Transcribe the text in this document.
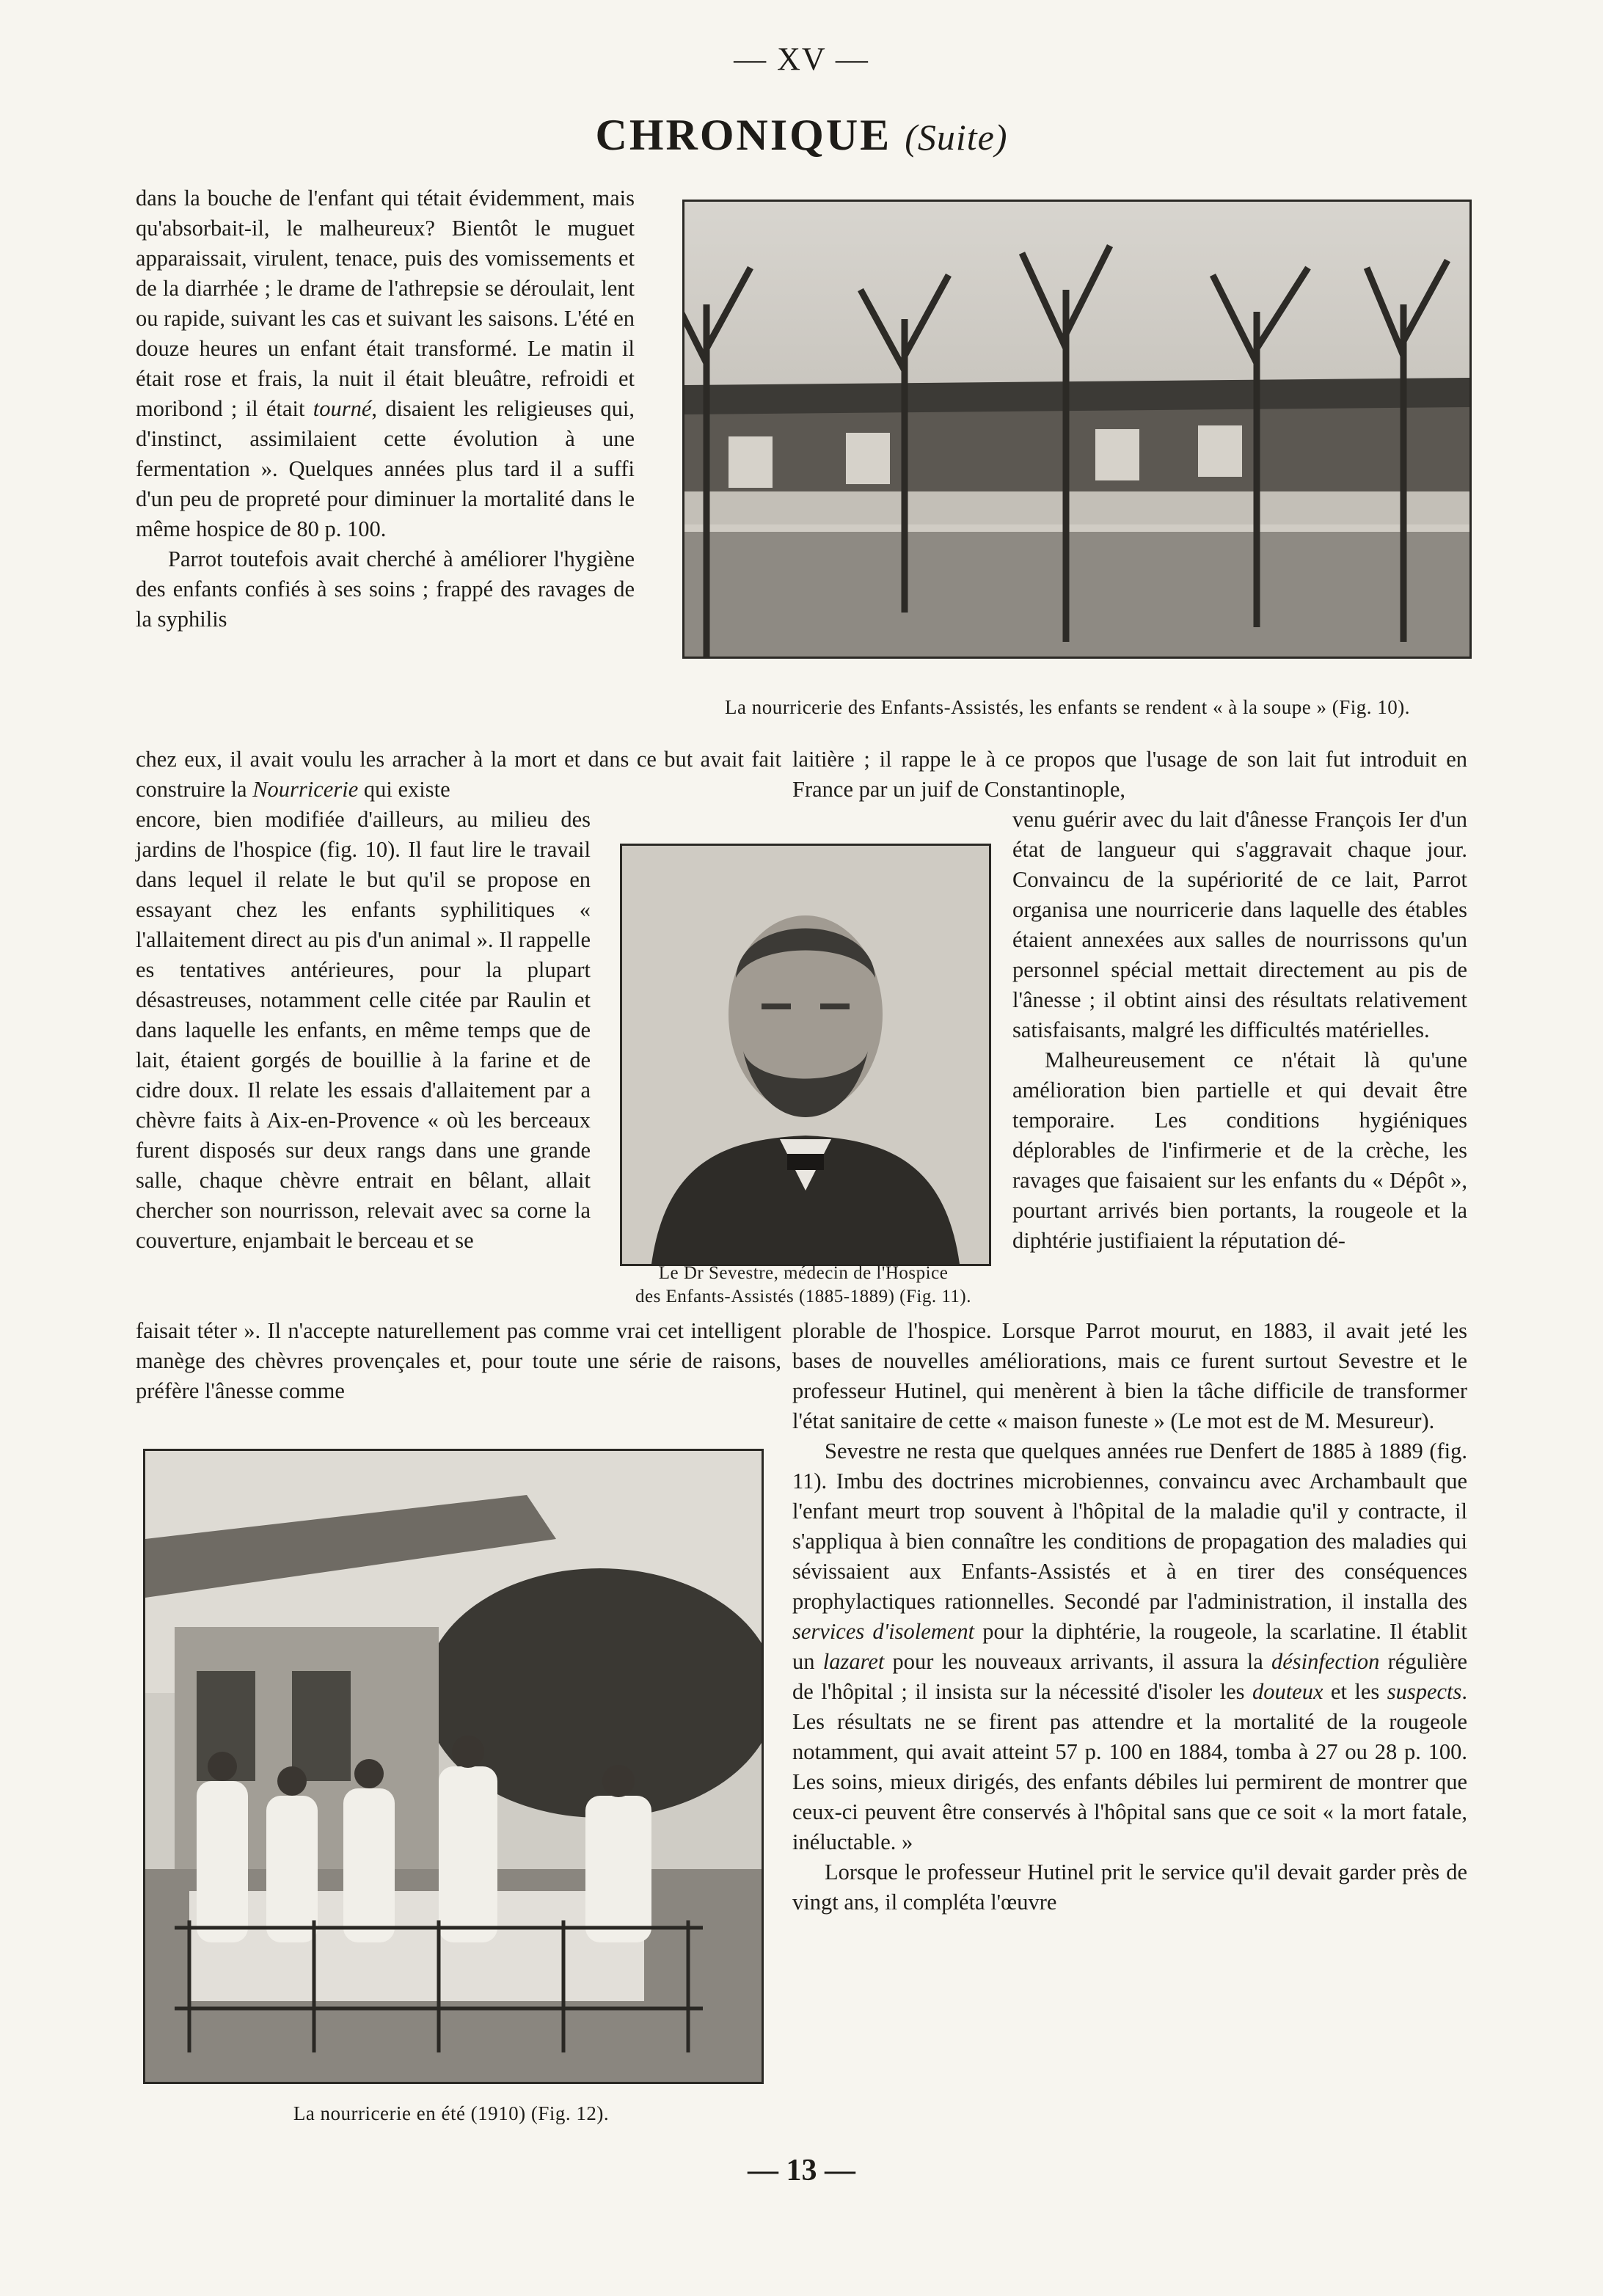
— XV —
CHRONIQUE (Suite)

dans la bouche de l'enfant qui tétait évidemment, mais qu'absorbait-il, le malheureux? Bientôt le muguet apparaissait, virulent, tenace, puis des vomissements et de la diarrhée ; le drame de l'athrepsie se déroulait, lent ou rapide, suivant les cas et suivant les saisons. L'été en douze heures un enfant était transformé. Le matin il était rose et frais, la nuit il était bleuâtre, refroidi et moribond ; il était tourné, disaient les religieuses qui, d'instinct, assimilaient cette évolution à une fermentation ». Quelques années plus tard il a suffi d'un peu de propreté pour diminuer la mortalité dans le même hospice de 80 p. 100.

Parrot toutefois avait cherché à améliorer l'hygiène des enfants confiés à ses soins ; frappé des ravages de la syphilis

La nourricerie des Enfants-Assistés, les enfants se rendent « à la soupe » (Fig. 10).

chez eux, il avait voulu les arracher à la mort et dans ce but avait fait construire la Nourricerie qui existe

encore, bien modifiée d'ailleurs, au milieu des jardins de l'hospice (fig. 10). Il faut lire le travail dans lequel il relate le but qu'il se propose en essayant chez les enfants syphilitiques « l'allaitement direct au pis d'un animal ». Il rappelle es tentatives antérieures, pour la plupart désastreuses, notamment celle citée par Raulin et dans laquelle les enfants, en même temps que de lait, étaient gorgés de bouillie à la farine et de cidre doux. Il relate les essais d'allaitement par a chèvre faits à Aix-en-Provence « où les berceaux furent disposés sur deux rangs dans une grande salle, chaque chèvre entrait en bêlant, allait chercher son nourrisson, relevait avec sa corne la couverture, enjambait le berceau et se

faisait téter ». Il n'accepte naturellement pas comme vrai cet intelligent manège des chèvres provençales et, pour toute une série de raisons, préfère l'ânesse comme

Le Dr Sevestre, médecin de l'Hospice
des Enfants-Assistés (1885-1889) (Fig. 11).

laitière ; il rappe le à ce propos que l'usage de son lait fut introduit en France par un juif de Constantinople,

venu guérir avec du lait d'ânesse François Ier d'un état de langueur qui s'aggravait chaque jour. Convaincu de la supériorité de ce lait, Parrot organisa une nourricerie dans laquelle des étables étaient annexées aux salles de nourrissons qu'un personnel spécial mettait directement au pis de l'ânesse ; il obtint ainsi des résultats relativement satisfaisants, malgré les difficultés matérielles.

Malheureusement ce n'était là qu'une amélioration bien partielle et qui devait être temporaire. Les conditions hygiéniques déplorables de l'infirmerie et de la crèche, les ravages que faisaient sur les enfants du « Dépôt », pourtant arrivés bien portants, la rougeole et la diphtérie justifiaient la réputation dé-

plorable de l'hospice. Lorsque Parrot mourut, en 1883, il avait jeté les bases de nouvelles améliorations, mais ce furent surtout Sevestre et le professeur Hutinel, qui menèrent à bien la tâche difficile de transformer l'état sanitaire de cette « maison funeste » (Le mot est de M. Mesureur).

Sevestre ne resta que quelques années rue Denfert de 1885 à 1889 (fig. 11). Imbu des doctrines microbiennes, convaincu avec Archambault que l'enfant meurt trop souvent à l'hôpital de la maladie qu'il y contracte, il s'appliqua à bien connaître les conditions de propagation des maladies qui sévissaient aux Enfants-Assistés et à en tirer des conséquences prophylactiques rationnelles. Secondé par l'administration, il installa des services d'isolement pour la diphtérie, la rougeole, la scarlatine. Il établit un lazaret pour les nouveaux arrivants, il assura la désinfection régulière de l'hôpital ; il insista sur la nécessité d'isoler les douteux et les suspects. Les résultats ne se firent pas attendre et la mortalité de la rougeole notamment, qui avait atteint 57 p. 100 en 1884, tomba à 27 ou 28 p. 100. Les soins, mieux dirigés, des enfants débiles lui permirent de montrer que ceux-ci peuvent être conservés à l'hôpital sans que ce soit « la mort fatale, inéluctable. »

Lorsque le professeur Hutinel prit le service qu'il devait garder près de vingt ans, il compléta l'œuvre

La nourricerie en été (1910) (Fig. 12).
— 13 —
